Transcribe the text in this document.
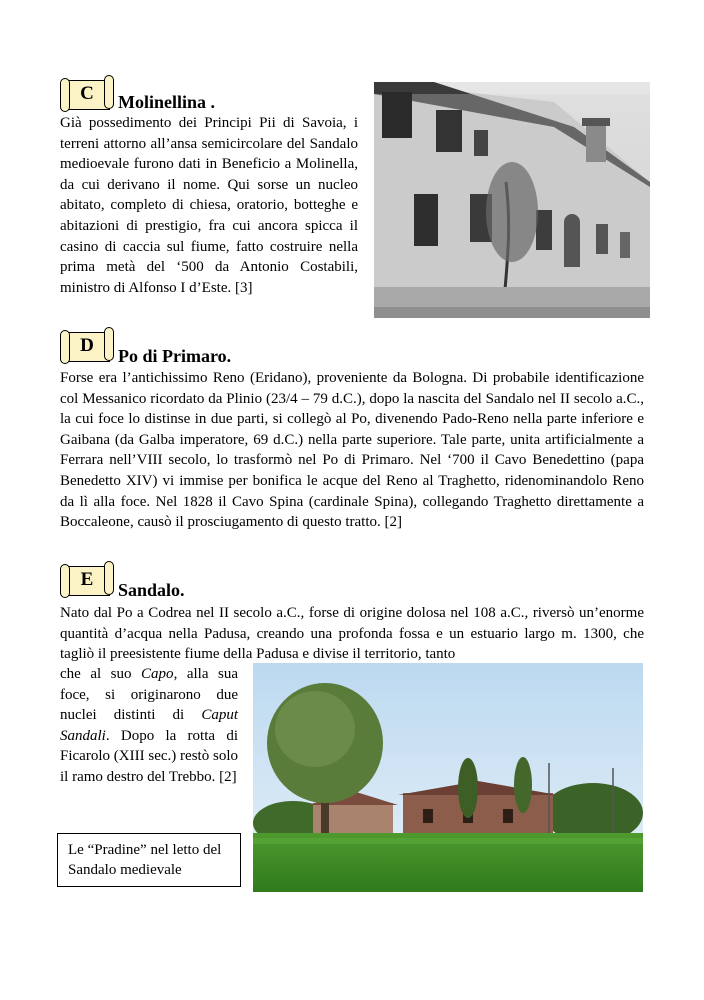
C	Molinellina .
Già possedimento dei Principi Pii di Savoia, i terreni attorno all’ansa semicircolare del Sandalo medioevale furono dati in Beneficio a Molinella, da cui derivano il nome. Qui sorse un nucleo abitato, completo di chiesa, oratorio, botteghe e abitazioni di prestigio, fra cui ancora spicca il casino di caccia sul fiume, fatto costruire nella prima metà del ‘500 da Antonio Costabili, ministro di Alfonso I d’Este. [3]
D	Po di Primaro.
Forse era l’antichissimo Reno (Eridano), proveniente da Bologna. Di probabile identificazione col Messanico ricordato da Plinio (23/4 – 79 d.C.), dopo la nascita del Sandalo nel II secolo a.C., la cui foce lo distinse in due parti, si collegò al Po, divenendo Pado-Reno nella parte inferiore e Gaibana (da Galba imperatore, 69 d.C.) nella parte superiore. Tale parte, unita artificialmente a Ferrara nell’VIII secolo, lo trasformò nel Po di Primaro. Nel ‘700 il Cavo Benedettino (papa Benedetto XIV) vi immise per bonifica le acque del Reno al Traghetto, ridenominandolo Reno da lì alla foce. Nel 1828 il Cavo Spina (cardinale Spina), collegando Traghetto direttamente a Boccaleone, causò il prosciugamento di questo tratto. [2]
E	Sandalo.
Nato dal Po a Codrea nel II secolo a.C., forse di origine dolosa nel 108 a.C., riversò un’enorme quantità d’acqua nella Padusa, creando una profonda fossa e un estuario largo m. 1300, che tagliò il preesistente fiume della Padusa e divise il territorio, tanto
che al suo Capo, alla sua foce, si originarono due nuclei distinti di Caput Sandali. Dopo la rotta di Ficarolo (XIII sec.) restò solo il ramo destro del Trebbo. [2]
Le “Pradine” nel letto del Sandalo medievale
